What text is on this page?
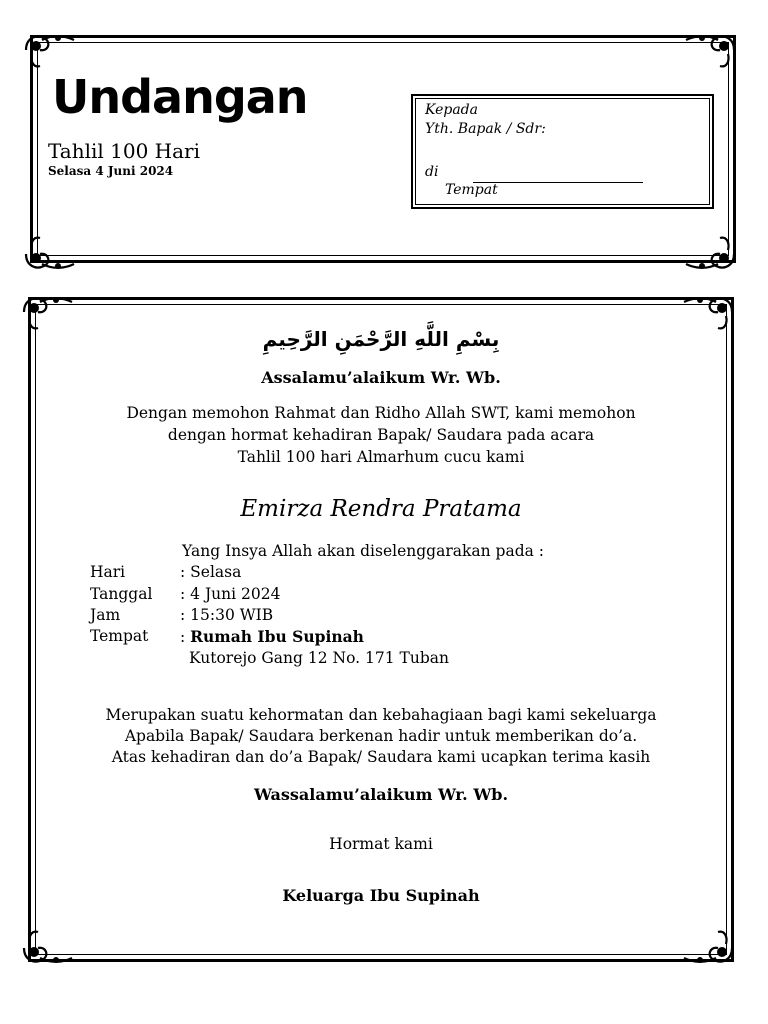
Undangan
Tahlil 100 Hari
Selasa 4 Juni 2024
Kepada
Yth. Bapak / Sdr:
di
Tempat
بِسْمِ اللَّهِ الرَّحْمَنِ الرَّحِيمِ
Assalamu’alaikum Wr. Wb.
Dengan memohon Rahmat dan Ridho Allah SWT, kami memohon
dengan hormat kehadiran Bapak/ Saudara pada acara
Tahlil 100 hari Almarhum cucu kami
Emirza Rendra Pratama
Yang Insya Allah akan diselenggarakan pada :
Hari	: Selasa
Tanggal : 4 Juni 2024
Jam	: 15:30 WIB
Tempat : Rumah Ibu Supinah
Kutorejo Gang 12 No. 171 Tuban
Merupakan suatu kehormatan dan kebahagiaan bagi kami sekeluarga
Apabila Bapak/ Saudara berkenan hadir untuk memberikan do’a.
Atas kehadiran dan do’a Bapak/ Saudara kami ucapkan terima kasih
Wassalamu’alaikum Wr. Wb.
Hormat kami
Keluarga Ibu Supinah
